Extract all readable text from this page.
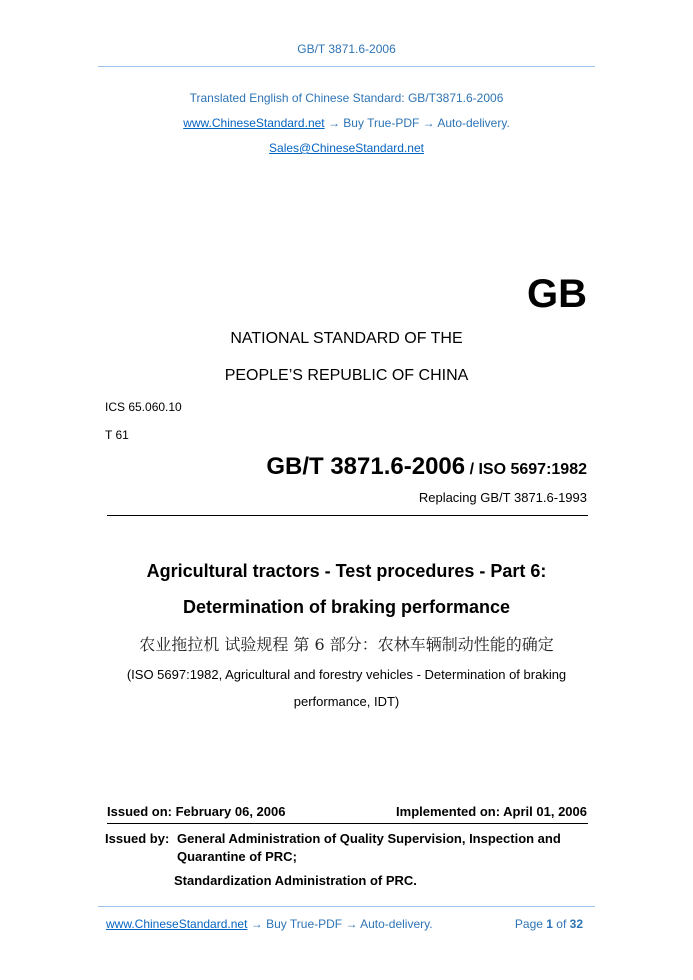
GB/T 3871.6-2006
Translated English of Chinese Standard: GB/T3871.6-2006
www.ChineseStandard.net → Buy True-PDF → Auto-delivery.
Sales@ChineseStandard.net
GB
NATIONAL STANDARD OF THE
PEOPLE’S REPUBLIC OF CHINA
ICS 65.060.10
T 61
GB/T 3871.6-2006 / ISO 5697:1982
Replacing GB/T 3871.6-1993
Agricultural tractors - Test procedures - Part 6:
Determination of braking performance
农业拖拉机 试验规程 第 6 部分：农林车辆制动性能的确定
(ISO 5697:1982, Agricultural and forestry vehicles - Determination of braking
performance, IDT)
Issued on: February 06, 2006	Implemented on: April 01, 2006
Issued by: General Administration of Quality Supervision, Inspection and
Quarantine of PRC;
Standardization Administration of PRC.
www.ChineseStandard.net → Buy True-PDF → Auto-delivery.	Page 1 of 32
